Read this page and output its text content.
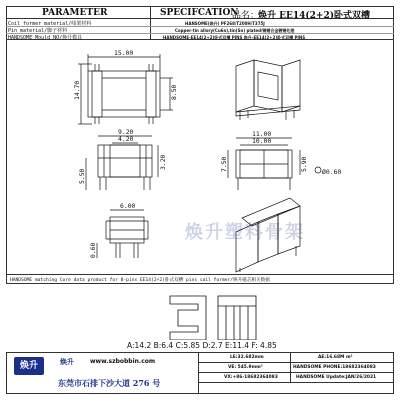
PARAMETER	SPECIFCATION
品名：
焕升 EE14(2+2)卧式双槽
Coil former material/线架材料	HANSOME(焕升) PF268/T200H/T375J
Pin material/脚子材料	Copper-tin allory(Cu6n),tin(Sn) plated/铜锡合金镀锡处理
HANDSOME Mould NO/焕升模具	HANDSOME-EE14(2+2)卧式双槽 PINS 焕升-EE14(2+2)卧式双槽 PINS
焕升塑料骨架
15.00
14.70	8.50
9.20
4.20
3.20
5.50
6.00
0.60
11.00
10.00
7.50	5.90 Ø0.60
HANDSOME matching Core data product for 8-pins EE14(2+2)卧式双槽 pins coil former/焕升磁芯相关数据
A:14.2 B:6.4 C:5.85 D:2.7 E:11.4 F: 4.85
焕升	焕升	www.szbobbin.com
东莞市石排下沙大道 276 号
LE:32.682mm	AE:16.68M m²
VE: 545.9mm³	HANDSOME PHONE:18682364083
VX:+86-18682364083	HANDSOME Update:JAN/26/2021
